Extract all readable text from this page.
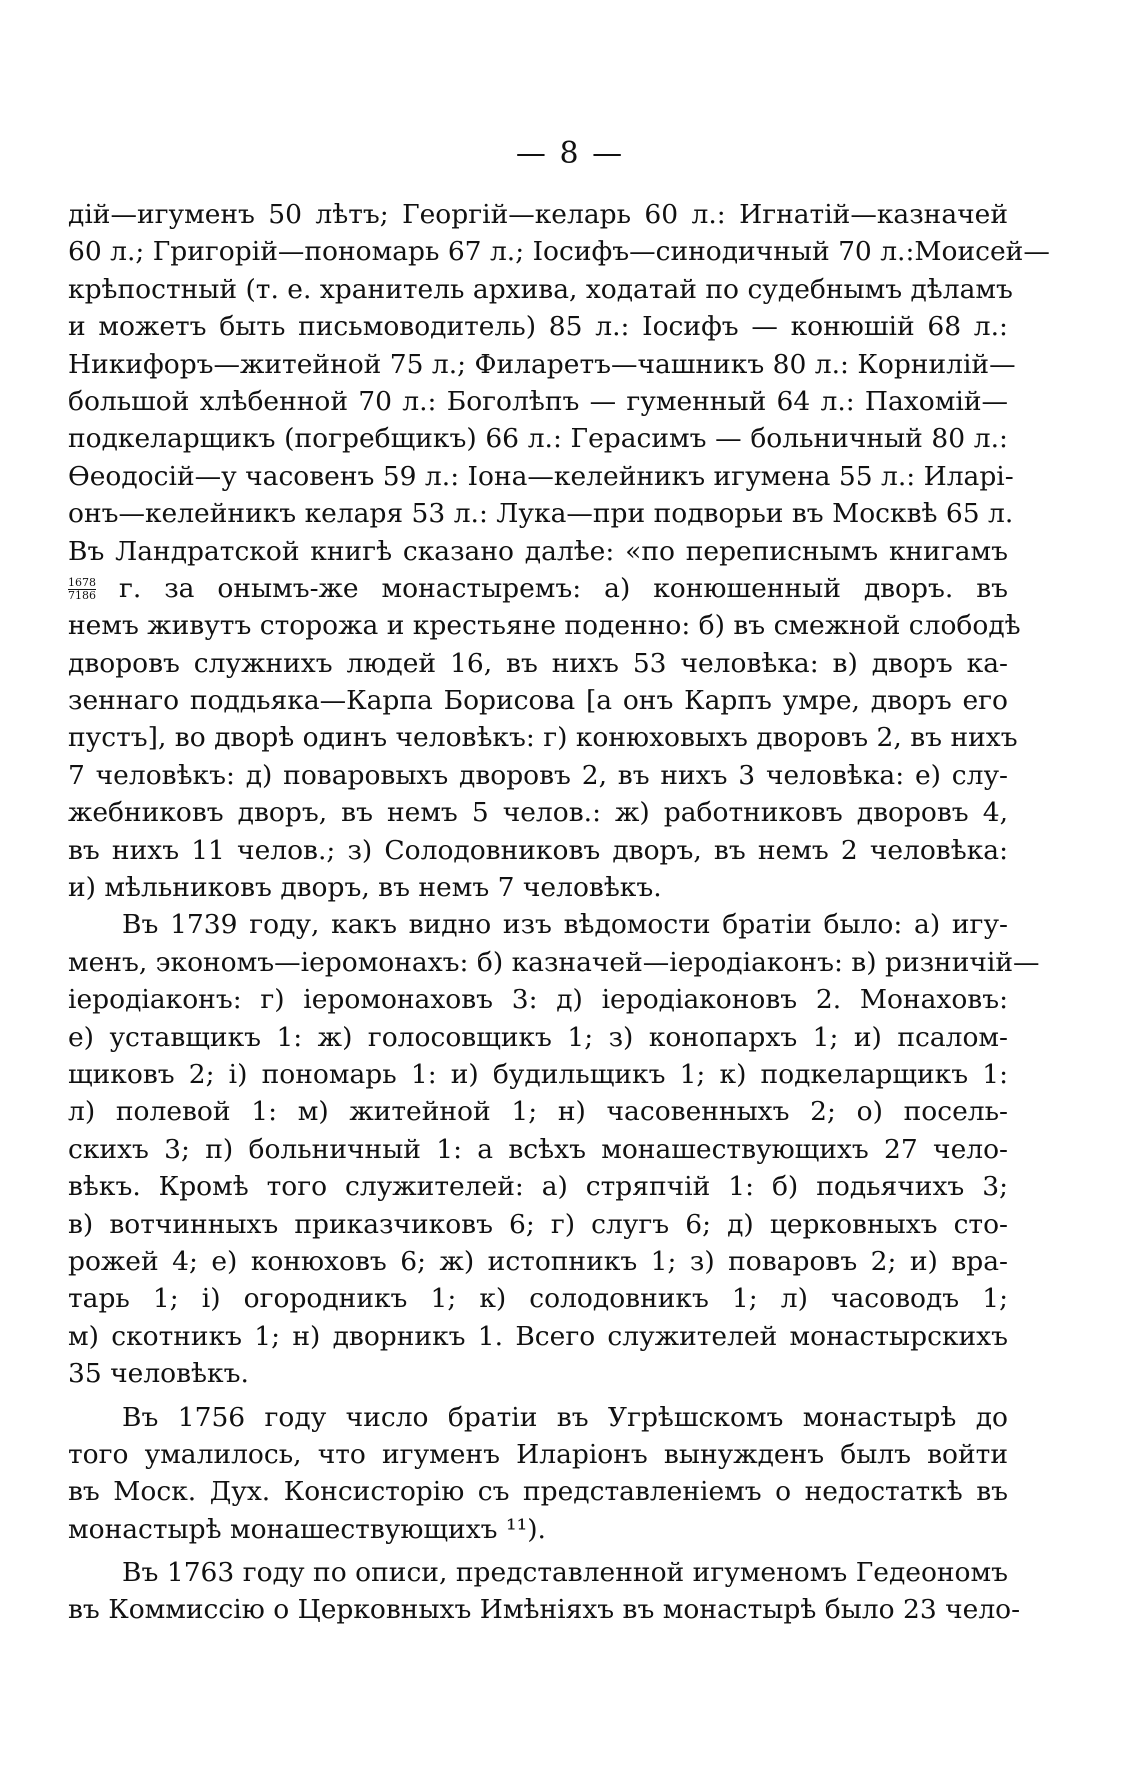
— 8 —
дій—игуменъ 50 лѣтъ; Георгій—келарь 60 л.: Игнатій—казначей
60 л.; Григорій—пономарь 67 л.; Іосифъ—синодичный 70 л.:Моисей—
крѣпостный (т. е. хранитель архива, ходатай по судебнымъ дѣламъ
и можетъ быть письмоводитель) 85 л.: Іосифъ — конюшій 68 л.:
Никифоръ—житейной 75 л.; Филаретъ—чашникъ 80 л.: Корнилій—
большой хлѣбенной 70 л.: Боголѣпъ — гуменный 64 л.: Пахомій—
подкеларщикъ (погребщикъ) 66 л.: Герасимъ — больничный 80 л.:
Ѳеодосій—у часовенъ 59 л.: Іона—келейникъ игумена 55 л.: Иларі-
онъ—келейникъ келаря 53 л.: Лука—при подворьи въ Москвѣ 65 л.
Въ Ландратской книгѣ сказано далѣе: «по переписнымъ книгамъ
$\frac{1678}{7186} г$. за онымъ-же монастыремъ: а) конюшенный дворъ. въ
немъ живутъ сторожа и крестьяне поденно: б) въ смежной слободѣ
дворовъ служнихъ людей 16, въ нихъ 53 человѣка: в) дворъ ка-
зеннаго поддьяка—Карпа Борисова [а онъ Карпъ умре, дворъ его
пустъ], во дворѣ одинъ человѣкъ: г) конюховыхъ дворовъ 2, въ нихъ
7 человѣкъ: д) поваровыхъ дворовъ 2, въ нихъ 3 человѣка: е) слу-
жебниковъ дворъ, въ немъ 5 челов.: ж) работниковъ дворовъ 4,
въ нихъ 11 челов.; з) Солодовниковъ дворъ, въ немъ 2 человѣка:
и) мѣльниковъ дворъ, въ немъ 7 человѣкъ.
Въ 1739 году, какъ видно изъ вѣдомости братіи было: а) игу-
менъ, экономъ—іеромонахъ: б) казначей—іеродіаконъ: в) ризничій—
іеродіаконъ: г) іеромонаховъ 3: д) іеродіаконовъ 2. Монаховъ:
е) уставщикъ 1: ж) голосовщикъ 1; з) конопархъ 1; и) псалом-
щиковъ 2; і) пономарь 1: и) будильщикъ 1; к) подкеларщикъ 1:
л) полевой 1: м) житейной 1; н) часовенныхъ 2; о) посель-
скихъ 3; п) больничный 1: а всѣхъ монашествующихъ 27 чело-
вѣкъ. Кромѣ того служителей: а) стряпчій 1: б) подьячихъ 3;
в) вотчинныхъ приказчиковъ 6; г) слугъ 6; д) церковныхъ сто-
рожей 4; е) конюховъ 6; ж) истопникъ 1; з) поваровъ 2; и) вра-
тарь 1; і) огородникъ 1; к) солодовникъ 1; л) часоводъ 1;
м) скотникъ 1; н) дворникъ 1. Всего служителей монастырскихъ
35 человѣкъ.
Въ 1756 году число братіи въ Угрѣшскомъ монастырѣ до
того умалилось, что игуменъ Иларіонъ вынужденъ былъ войти
въ Моск. Дух. Консисторію съ представленіемъ о недостаткѣ въ
монастырѣ монашествующихъ ¹¹).
Въ 1763 году по описи, представленной игуменомъ Гедеономъ
въ Коммиссію о Церковныхъ Имѣніяхъ въ монастырѣ было 23 чело-
